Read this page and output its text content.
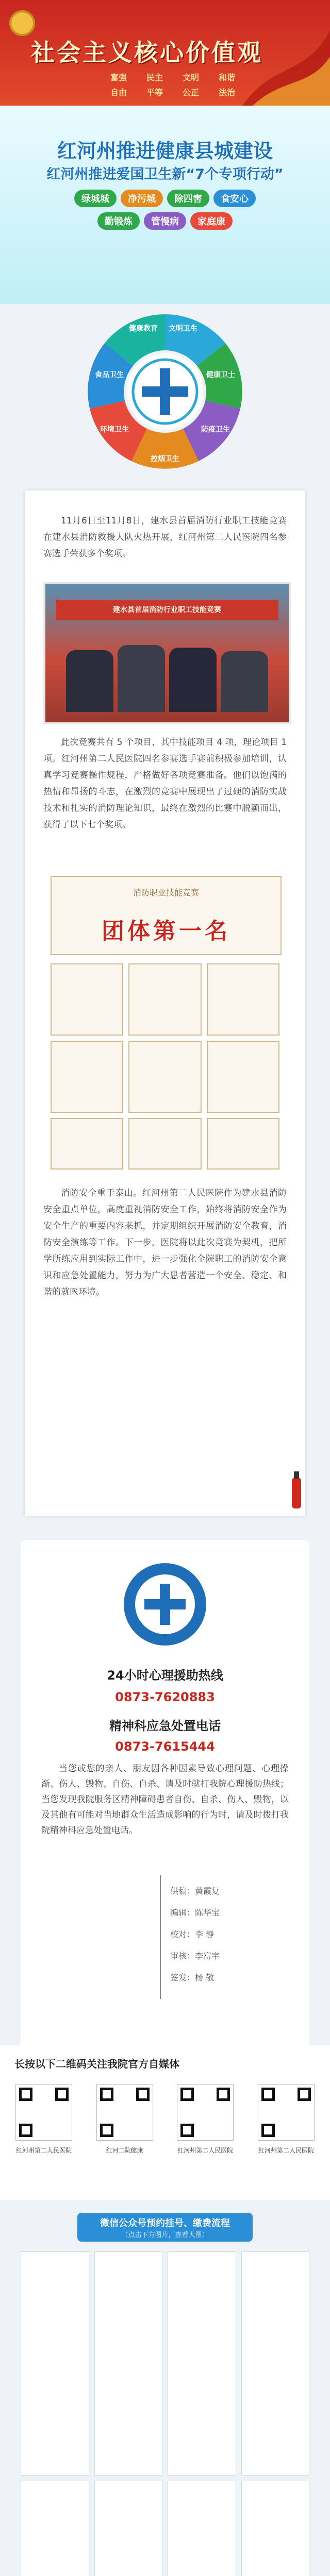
社会主义核心价值观
富强	民主	文明	和谐
自由	平等	公正	法治
红河州推进健康县城建设
红河州推进爱国卫生新“7个专项行动”
绿城城	净污城	除四害	食安心
勤锻炼	管慢病	家庭康
文明卫生
健康卫士
防疫卫生
控烟卫生
环境卫生
食品卫生
健康教育
11月6日至11月8日，建水县首届消防行业职工技能竞赛在建水县消防救援大队火热开展，红河州第二人民医院四名参赛选手荣获多个奖项。
建水县首届消防行业职工技能竞赛
此次竞赛共有 5 个项目，其中技能项目 4 项，理论项目 1 项。红河州第二人民医院四名参赛选手赛前积极参加培训，认真学习竞赛操作规程，严格做好各项竞赛准备。他们以饱满的热情和昂扬的斗志，在激烈的竞赛中展现出了过硬的消防实战技术和扎实的消防理论知识，最终在激烈的比赛中脱颖而出，获得了以下七个奖项。
消防职业技能竞赛
团体第一名
消防安全重于泰山。红河州第二人民医院作为建水县消防安全重点单位，高度重视消防安全工作，始终将消防安全作为安全生产的重要内容来抓，并定期组织开展消防安全教育，消防安全演练等工作。下一步，医院将以此次竞赛为契机，把所学所练应用到实际工作中，进一步强化全院职工的消防安全意识和应急处置能力，努力为广大患者营造一个安全、稳定、和谐的就医环境。
24小时心理援助热线
0873-7620883
精神科应急处置电话
0873-7615444
当您或您的亲人、朋友因各种因素导致心理问题、心理操渐、伤人、毁物、自伤、自杀、请及时就打我院心理援助热线；当您发现我院服务区精神障碍患者自伤、自杀、伤人、毁物，以及其他有可能对当地群众生活造成影响的行为时，请及时拨打我院精神科应急处置电话。
供稿：黄霞复
编辑：陈华宝
校对：李 静
审核：李富宇
签发：杨 敬
长按以下二维码关注我院官方自媒体
红河州第二人民医院	红河二院健康	红河州第二人民医院	红河州第二人民医院
微信公众号预约挂号、缴费流程
（点击下方图片，查看大图）
